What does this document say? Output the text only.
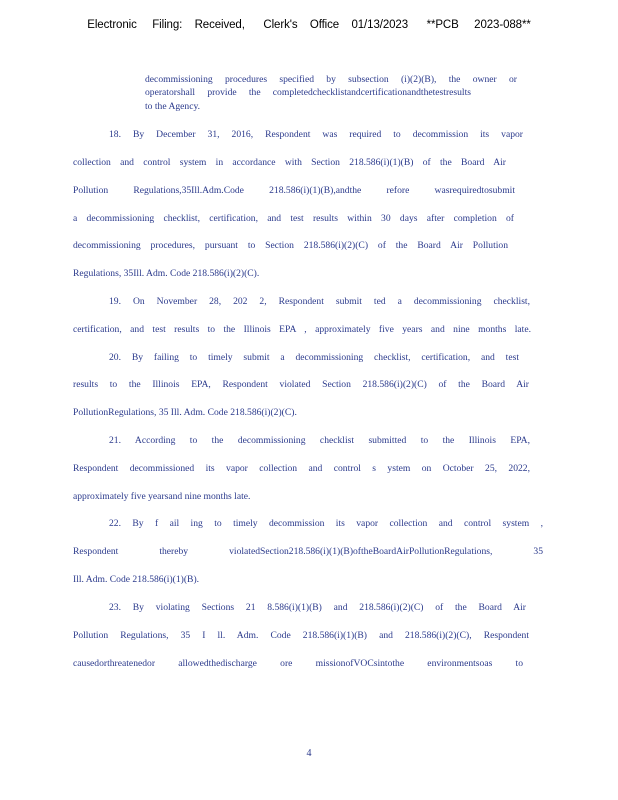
Electronic     Filing:    Received,      Clerk's    Office    01/13/2023      **PCB     2023-088**
decommissioning procedures specified by subsection (i)(2)(B), the owner or
operatorshall provide the completedchecklistandcertificationandthetestresults
to the Agency.
18. By December 31, 2016, Respondent was required to decommission its vapor
collection and control system in accordance with Section 218.586(i)(1)(B) of the Board Air
Pollution Regulations,35Ill.Adm.Code 218.586(i)(1)(B),andthe refore wasrequiredtosubmit
a decommissioning checklist, certification, and test results within 30 days after completion of
decommissioning procedures, pursuant to Section 218.586(i)(2)(C) of the Board Air Pollution
Regulations, 35Ill. Adm. Code 218.586(i)(2)(C).
19. On November 28, 202 2, Respondent submit ted a decommissioning checklist,
certification, and test results to the Illinois EPA , approximately five years and nine months late.
20. By failing to timely submit a decommissioning checklist, certification, and test
results to the Illinois EPA, Respondent violated Section 218.586(i)(2)(C) of the Board Air
PollutionRegulations, 35 Ill. Adm. Code 218.586(i)(2)(C).
21. According to the decommissioning checklist submitted to the Illinois EPA,
Respondent decommissioned its vapor collection and control s ystem on October 25, 2022,
approximately five yearsand nine months late.
22. By f ail ing to timely decommission its vapor collection and control system ,
Respondent thereby violatedSection218.586(i)(1)(B)oftheBoardAirPollutionRegulations, 35
Ill. Adm. Code 218.586(i)(1)(B).
23. By violating Sections 21 8.586(i)(1)(B) and 218.586(i)(2)(C) of the Board Air
Pollution Regulations, 35 I ll. Adm. Code 218.586(i)(1)(B) and 218.586(i)(2)(C), Respondent
causedorthreatenedor allowedthedischarge ore missionofVOCsintothe environmentsoas to
4
